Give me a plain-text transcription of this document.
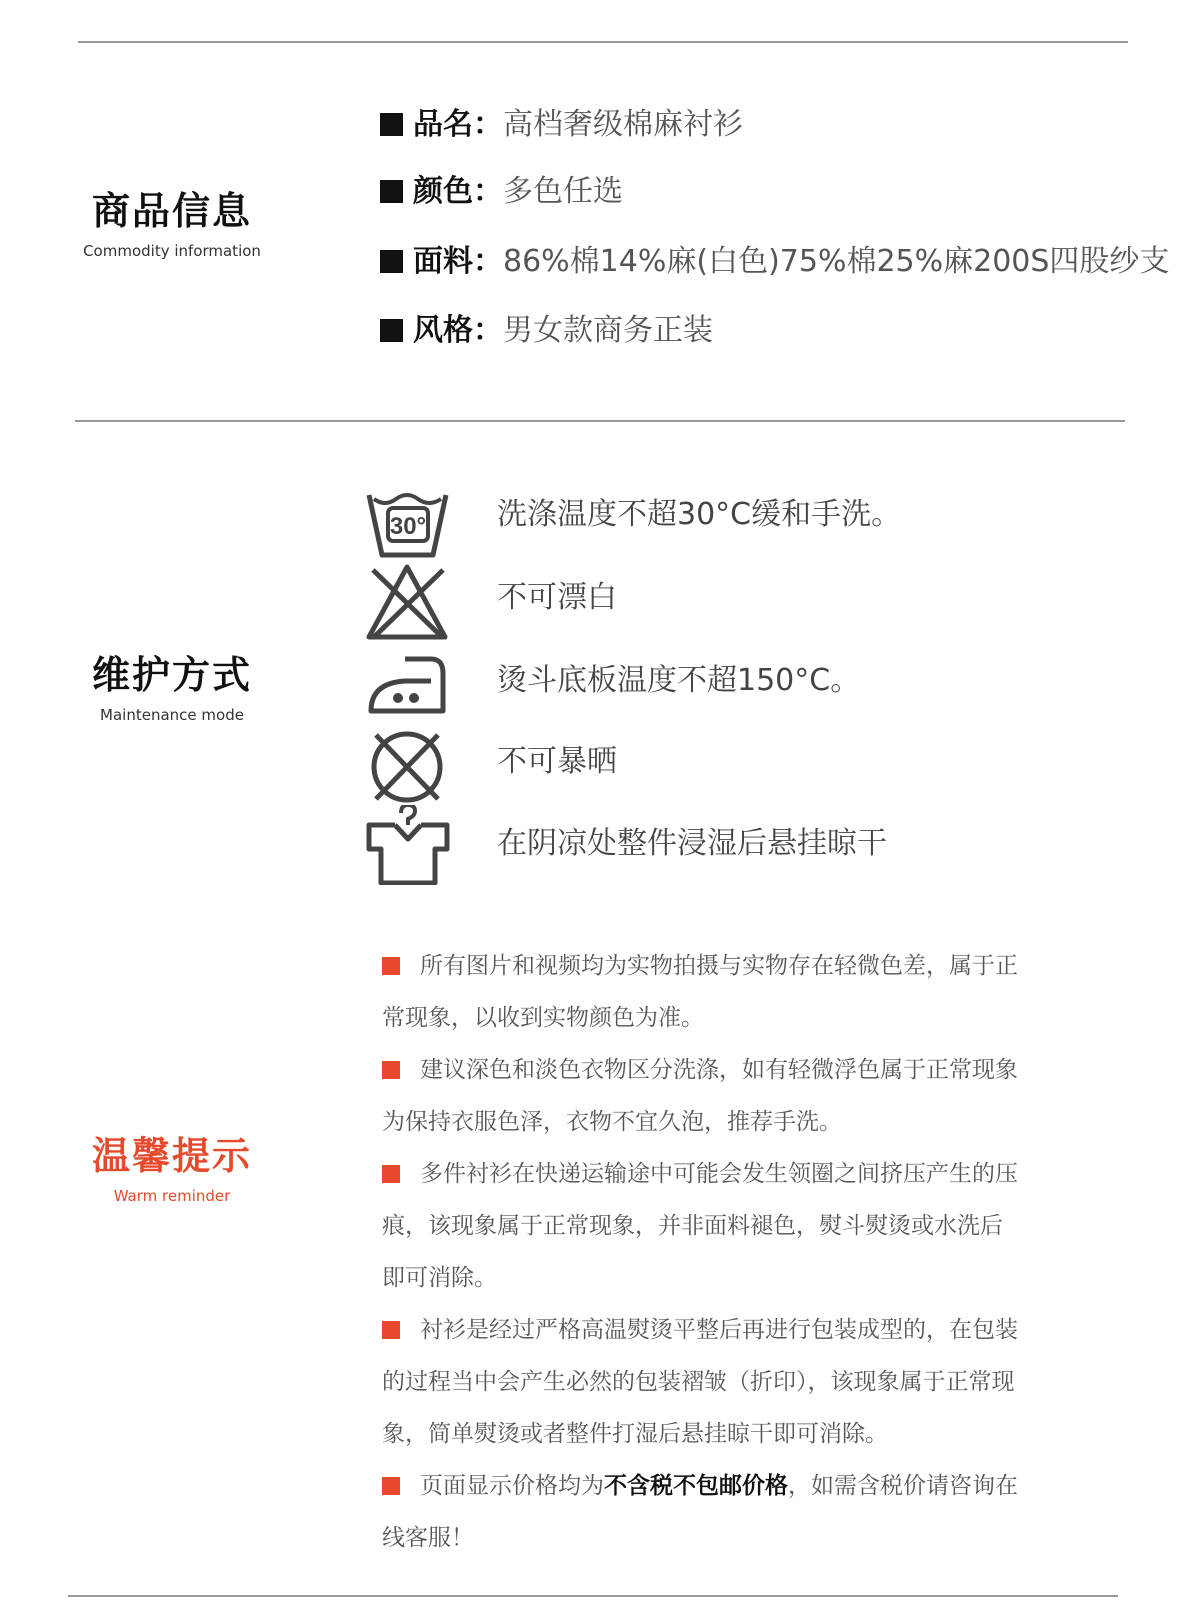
商品信息
Commodity information
品名：高档奢级棉麻衬衫
颜色：多色任选
面料：86%棉14%麻(白色)75%棉25%麻200S四股纱支
风格：男女款商务正装
维护方式
Maintenance mode
30° 洗涤温度不超30°C缓和手洗。
不可漂白
烫斗底板温度不超150°C。
不可暴晒
在阴凉处整件浸湿后悬挂晾干
温馨提示
Warm reminder

所有图片和视频均为实物拍摄与实物存在轻微色差，属于正常现象，以收到实物颜色为准。

建议深色和淡色衣物区分洗涤，如有轻微浮色属于正常现象为保持衣服色泽，衣物不宜久泡，推荐手洗。

多件衬衫在快递运输途中可能会发生领圈之间挤压产生的压痕，该现象属于正常现象，并非面料褪色，熨斗熨烫或水洗后即可消除。

衬衫是经过严格高温熨烫平整后再进行包装成型的，在包装的过程当中会产生必然的包装褶皱（折印），该现象属于正常现象，简单熨烫或者整件打湿后悬挂晾干即可消除。

页面显示价格均为不含税不包邮价格，如需含税价请咨询在线客服！
